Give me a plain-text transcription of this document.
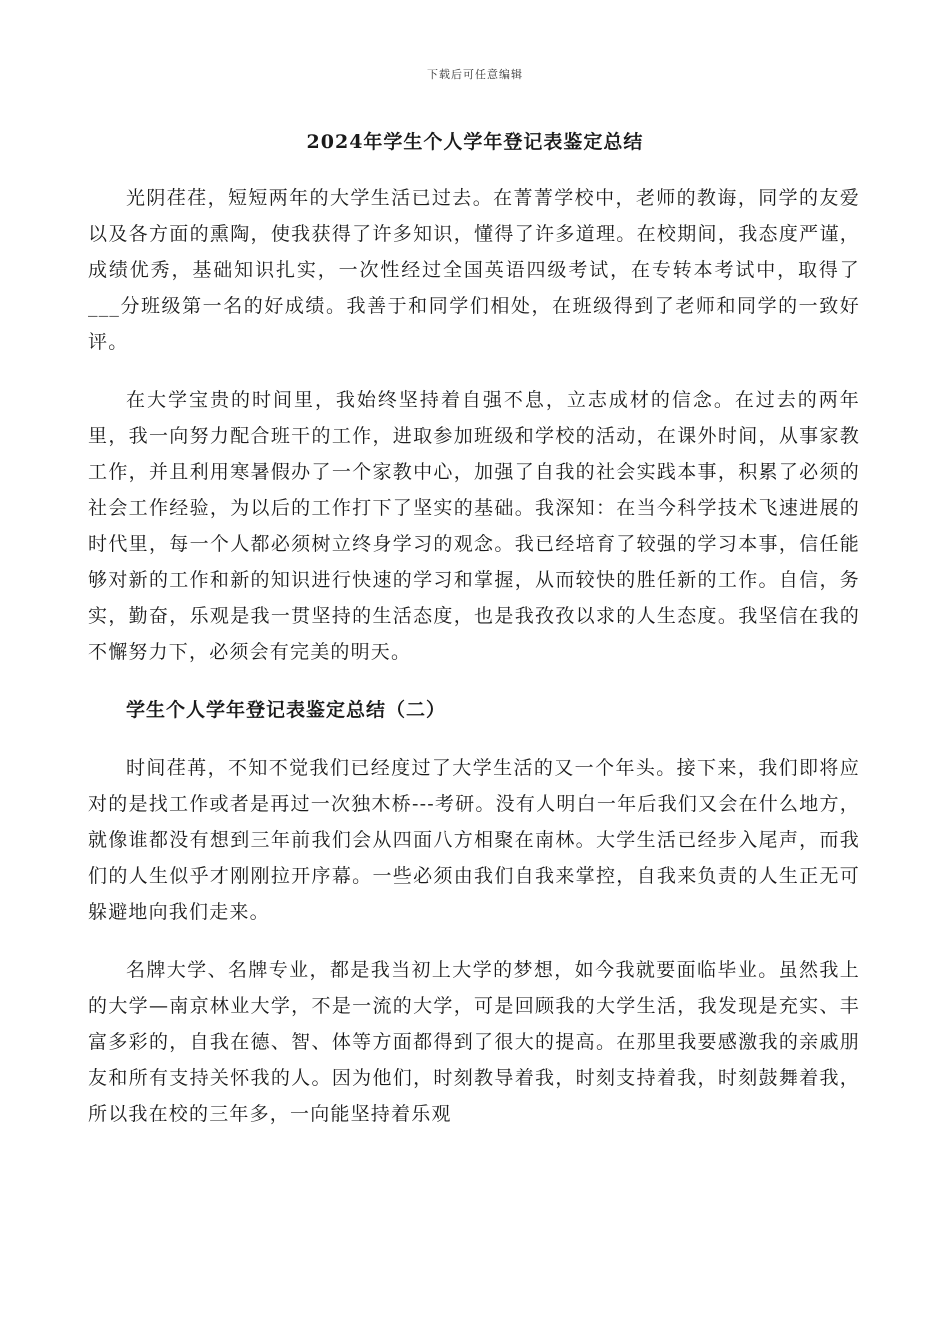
下载后可任意编辑
2024年学生个人学年登记表鉴定总结

光阴荏荏，短短两年的大学生活已过去。在菁菁学校中，老师的教诲，同学的友爱以及各方面的熏陶，使我获得了许多知识，懂得了许多道理。在校期间，我态度严谨，成绩优秀，基础知识扎实，一次性经过全国英语四级考试，在专转本考试中，取得了___分班级第一名的好成绩。我善于和同学们相处，在班级得到了老师和同学的一致好评。

在大学宝贵的时间里，我始终坚持着自强不息，立志成材的信念。在过去的两年里，我一向努力配合班干的工作，进取参加班级和学校的活动，在课外时间，从事家教工作，并且利用寒暑假办了一个家教中心，加强了自我的社会实践本事，积累了必须的社会工作经验，为以后的工作打下了坚实的基础。我深知：在当今科学技术飞速进展的时代里，每一个人都必须树立终身学习的观念。我已经培育了较强的学习本事，信任能够对新的工作和新的知识进行快速的学习和掌握，从而较快的胜任新的工作。自信，务实，勤奋，乐观是我一贯坚持的生活态度，也是我孜孜以求的人生态度。我坚信在我的不懈努力下，必须会有完美的明天。

学生个人学年登记表鉴定总结（二）

时间荏苒，不知不觉我们已经度过了大学生活的又一个年头。接下来，我们即将应对的是找工作或者是再过一次独木桥---考研。没有人明白一年后我们又会在什么地方，就像谁都没有想到三年前我们会从四面八方相聚在南林。大学生活已经步入尾声，而我们的人生似乎才刚刚拉开序幕。一些必须由我们自我来掌控，自我来负责的人生正无可躲避地向我们走来。

名牌大学、名牌专业，都是我当初上大学的梦想，如今我就要面临毕业。虽然我上的大学—南京林业大学，不是一流的大学，可是回顾我的大学生活，我发现是充实、丰富多彩的，自我在德、智、体等方面都得到了很大的提高。在那里我要感激我的亲戚朋友和所有支持关怀我的人。因为他们，时刻教导着我，时刻支持着我，时刻鼓舞着我，所以我在校的三年多，一向能坚持着乐观
